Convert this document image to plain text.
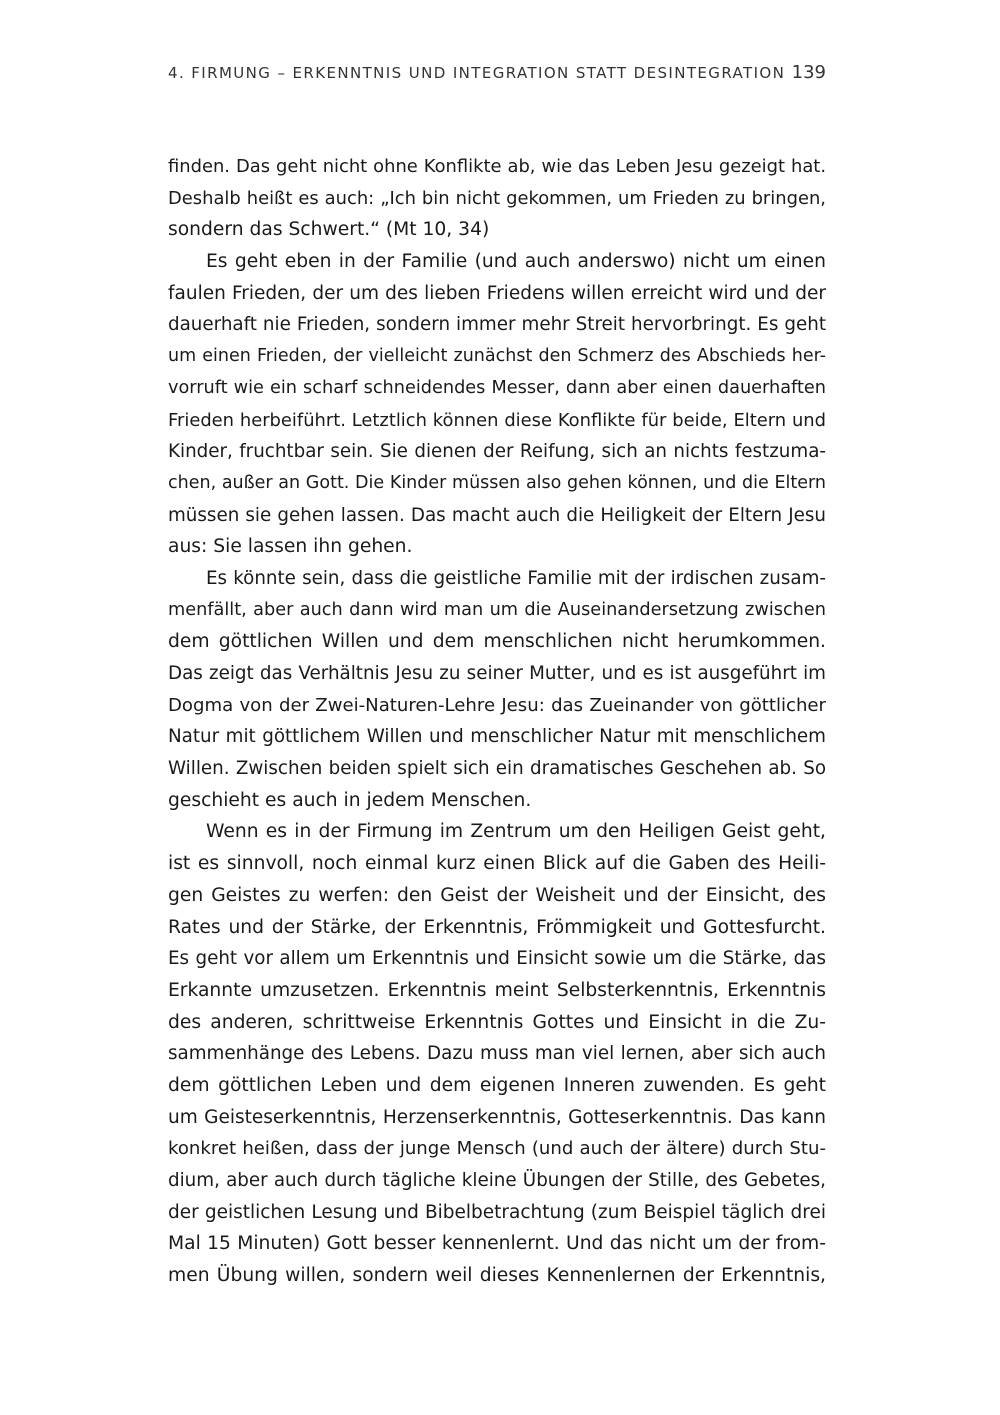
4. FIRMUNG – ERKENNTNIS UND INTEGRATION STATT DESINTEGRATION 139
finden. Das geht nicht ohne Konflikte ab, wie das Leben Jesu gezeigt hat.
Deshalb heißt es auch: „Ich bin nicht gekommen, um Frieden zu bringen,
sondern das Schwert.“ (Mt 10, 34)
Es geht eben in der Familie (und auch anderswo) nicht um einen
faulen Frieden, der um des lieben Friedens willen erreicht wird und der
dauerhaft nie Frieden, sondern immer mehr Streit hervorbringt. Es geht
um einen Frieden, der vielleicht zunächst den Schmerz des Abschieds her-
vorruft wie ein scharf schneidendes Messer, dann aber einen dauerhaften
Frieden herbeiführt. Letztlich können diese Konflikte für beide, Eltern und
Kinder, fruchtbar sein. Sie dienen der Reifung, sich an nichts festzuma-
chen, außer an Gott. Die Kinder müssen also gehen können, und die Eltern
müssen sie gehen lassen. Das macht auch die Heiligkeit der Eltern Jesu
aus: Sie lassen ihn gehen.
Es könnte sein, dass die geistliche Familie mit der irdischen zusam-
menfällt, aber auch dann wird man um die Auseinandersetzung zwischen
dem göttlichen Willen und dem menschlichen nicht herumkommen.
Das zeigt das Verhältnis Jesu zu seiner Mutter, und es ist ausgeführt im
Dogma von der Zwei-Naturen-Lehre Jesu: das Zueinander von göttlicher
Natur mit göttlichem Willen und menschlicher Natur mit menschlichem
Willen. Zwischen beiden spielt sich ein dramatisches Geschehen ab. So
geschieht es auch in jedem Menschen.
Wenn es in der Firmung im Zentrum um den Heiligen Geist geht,
ist es sinnvoll, noch einmal kurz einen Blick auf die Gaben des Heili-
gen Geistes zu werfen: den Geist der Weisheit und der Einsicht, des
Rates und der Stärke, der Erkenntnis, Frömmigkeit und Gottesfurcht.
Es geht vor allem um Erkenntnis und Einsicht sowie um die Stärke, das
Erkannte umzusetzen. Erkenntnis meint Selbsterkenntnis, Erkenntnis
des anderen, schrittweise Erkenntnis Gottes und Einsicht in die Zu-
sammenhänge des Lebens. Dazu muss man viel lernen, aber sich auch
dem göttlichen Leben und dem eigenen Inneren zuwenden. Es geht
um Geisteserkenntnis, Herzenserkenntnis, Gotteserkenntnis. Das kann
konkret heißen, dass der junge Mensch (und auch der ältere) durch Stu-
dium, aber auch durch tägliche kleine Übungen der Stille, des Gebetes,
der geistlichen Lesung und Bibelbetrachtung (zum Beispiel täglich drei
Mal 15 Minuten) Gott besser kennenlernt. Und das nicht um der from-
men Übung willen, sondern weil dieses Kennenlernen der Erkenntnis,
